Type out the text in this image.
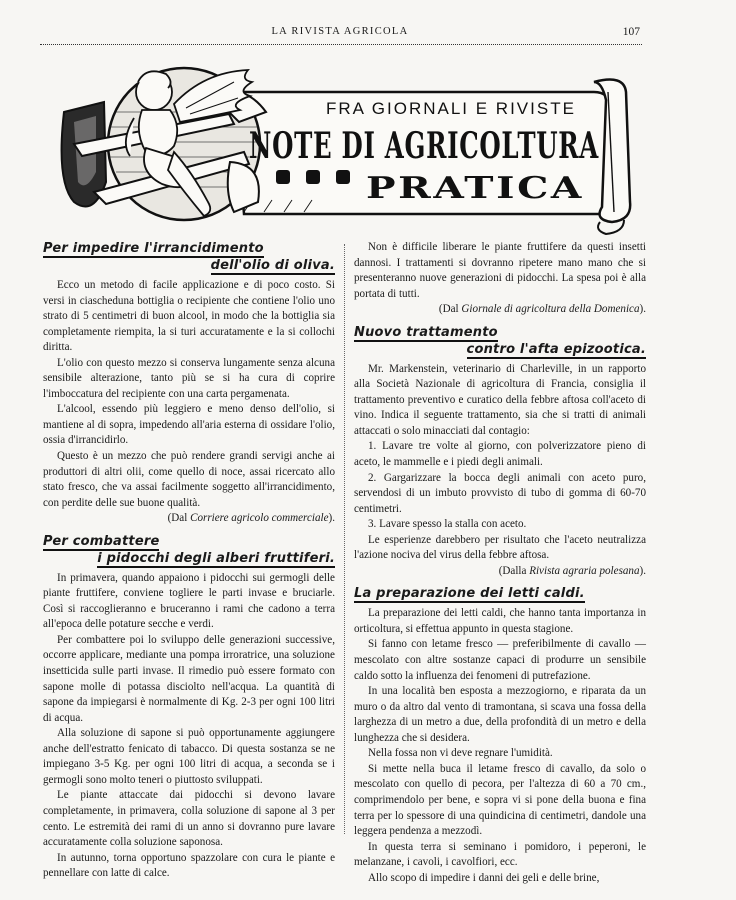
LA RIVISTA AGRICOLA	107
FRA GIORNALI E RIVISTE
NOTE DI AGRICOLTURA
PRATICA
Per impedire l'irrancidimento
dell'olio di oliva.

Ecco un metodo di facile applicazione e di poco costo. Si versi in ciascheduna bottiglia o recipiente che contiene l'olio uno strato di 5 centimetri di buon alcool, in modo che la bottiglia sia completamente riempita, la si turi accuratamente e la si collochi diritta.

L'olio con questo mezzo si conserva lungamente senza alcuna sensibile alterazione, tanto più se si ha cura di coprire l'imboccatura del recipiente con una carta pergamenata.

L'alcool, essendo più leggiero e meno denso dell'olio, si mantiene al di sopra, impedendo all'aria esterna di ossidare l'olio, ossia d'irrancidirlo.

Questo è un mezzo che può rendere grandi servigi anche ai produttori di altri olii, come quello di noce, assai ricercato allo stato fresco, che va assai facilmente soggetto all'irrancidimento, con perdite delle sue buone qualità.

(Dal Corriere agricolo commerciale).

Per combattere
i pidocchi degli alberi fruttiferi.

In primavera, quando appaiono i pidocchi sui germogli delle piante fruttifere, conviene togliere le parti invase e bruciarle. Così si raccoglieranno e bruceranno i rami che cadono a terra all'epoca delle potature secche e verdi.

Per combattere poi lo sviluppo delle generazioni successive, occorre applicare, mediante una pompa irroratrice, una soluzione insetticida sulle parti invase. Il rimedio può essere formato con sapone molle di potassa disciolto nell'acqua. La quantità di sapone da impiegarsi è normalmente di Kg. 2-3 per ogni 100 litri di acqua.

Alla soluzione di sapone si può opportunamente aggiungere anche dell'estratto fenicato di tabacco. Di questa sostanza se ne impiegano 3-5 Kg. per ogni 100 litri di acqua, a seconda se i germogli sono molto teneri o piuttosto sviluppati.

Le piante attaccate dai pidocchi si devono lavare completamente, in primavera, colla soluzione di sapone al 3 per cento. Le estremità dei rami di un anno si dovranno pure lavare accuratamente colla soluzione saponosa.

In autunno, torna opportuno spazzolare con cura le piante e pennellare con latte di calce.

Non è difficile liberare le piante fruttifere da questi insetti dannosi. I trattamenti si dovranno ripetere mano mano che si presenteranno nuove generazioni di pidocchi. La spesa poi è alla portata di tutti.

(Dal Giornale di agricoltura della Domenica).

Nuovo trattamento
contro l'afta epizootica.

Mr. Markenstein, veterinario di Charleville, in un rapporto alla Società Nazionale di agricoltura di Francia, consiglia il trattamento preventivo e curatico della febbre aftosa coll'aceto di vino. Indica il seguente trattamento, sia che si tratti di animali attaccati o solo minacciati dal contagio:

1. Lavare tre volte al giorno, con polverizzatore pieno di aceto, le mammelle e i piedi degli animali.

2. Gargarizzare la bocca degli animali con aceto puro, servendosi di un imbuto provvisto di tubo di gomma di 60-70 centimetri.

3. Lavare spesso la stalla con aceto.

Le esperienze darebbero per risultato che l'aceto neutralizza l'azione nociva del virus della febbre aftosa.

(Dalla Rivista agraria polesana).

La preparazione dei letti caldi.

La preparazione dei letti caldi, che hanno tanta importanza in orticoltura, si effettua appunto in questa stagione.

Si fanno con letame fresco — preferibilmente di cavallo — mescolato con altre sostanze capaci di produrre un sensibile caldo sotto la influenza dei fenomeni di putrefazione.

In una località ben esposta a mezzogiorno, e riparata da un muro o da altro dal vento di tramontana, si scava una fossa della larghezza di un metro a due, della profondità di un metro e della lunghezza che si desidera.

Nella fossa non vi deve regnare l'umidità.

Si mette nella buca il letame fresco di cavallo, da solo o mescolato con quello di pecora, per l'altezza di 60 a 70 cm., comprimendolo per bene, e sopra vi si pone della buona e fina terra per lo spessore di una quindicina di centimetri, dandole una leggera pendenza a mezzodì.

In questa terra si seminano i pomidoro, i peperoni, le melanzane, i cavoli, i cavolfiori, ecc.

Allo scopo di impedire i danni dei geli e delle brine,
